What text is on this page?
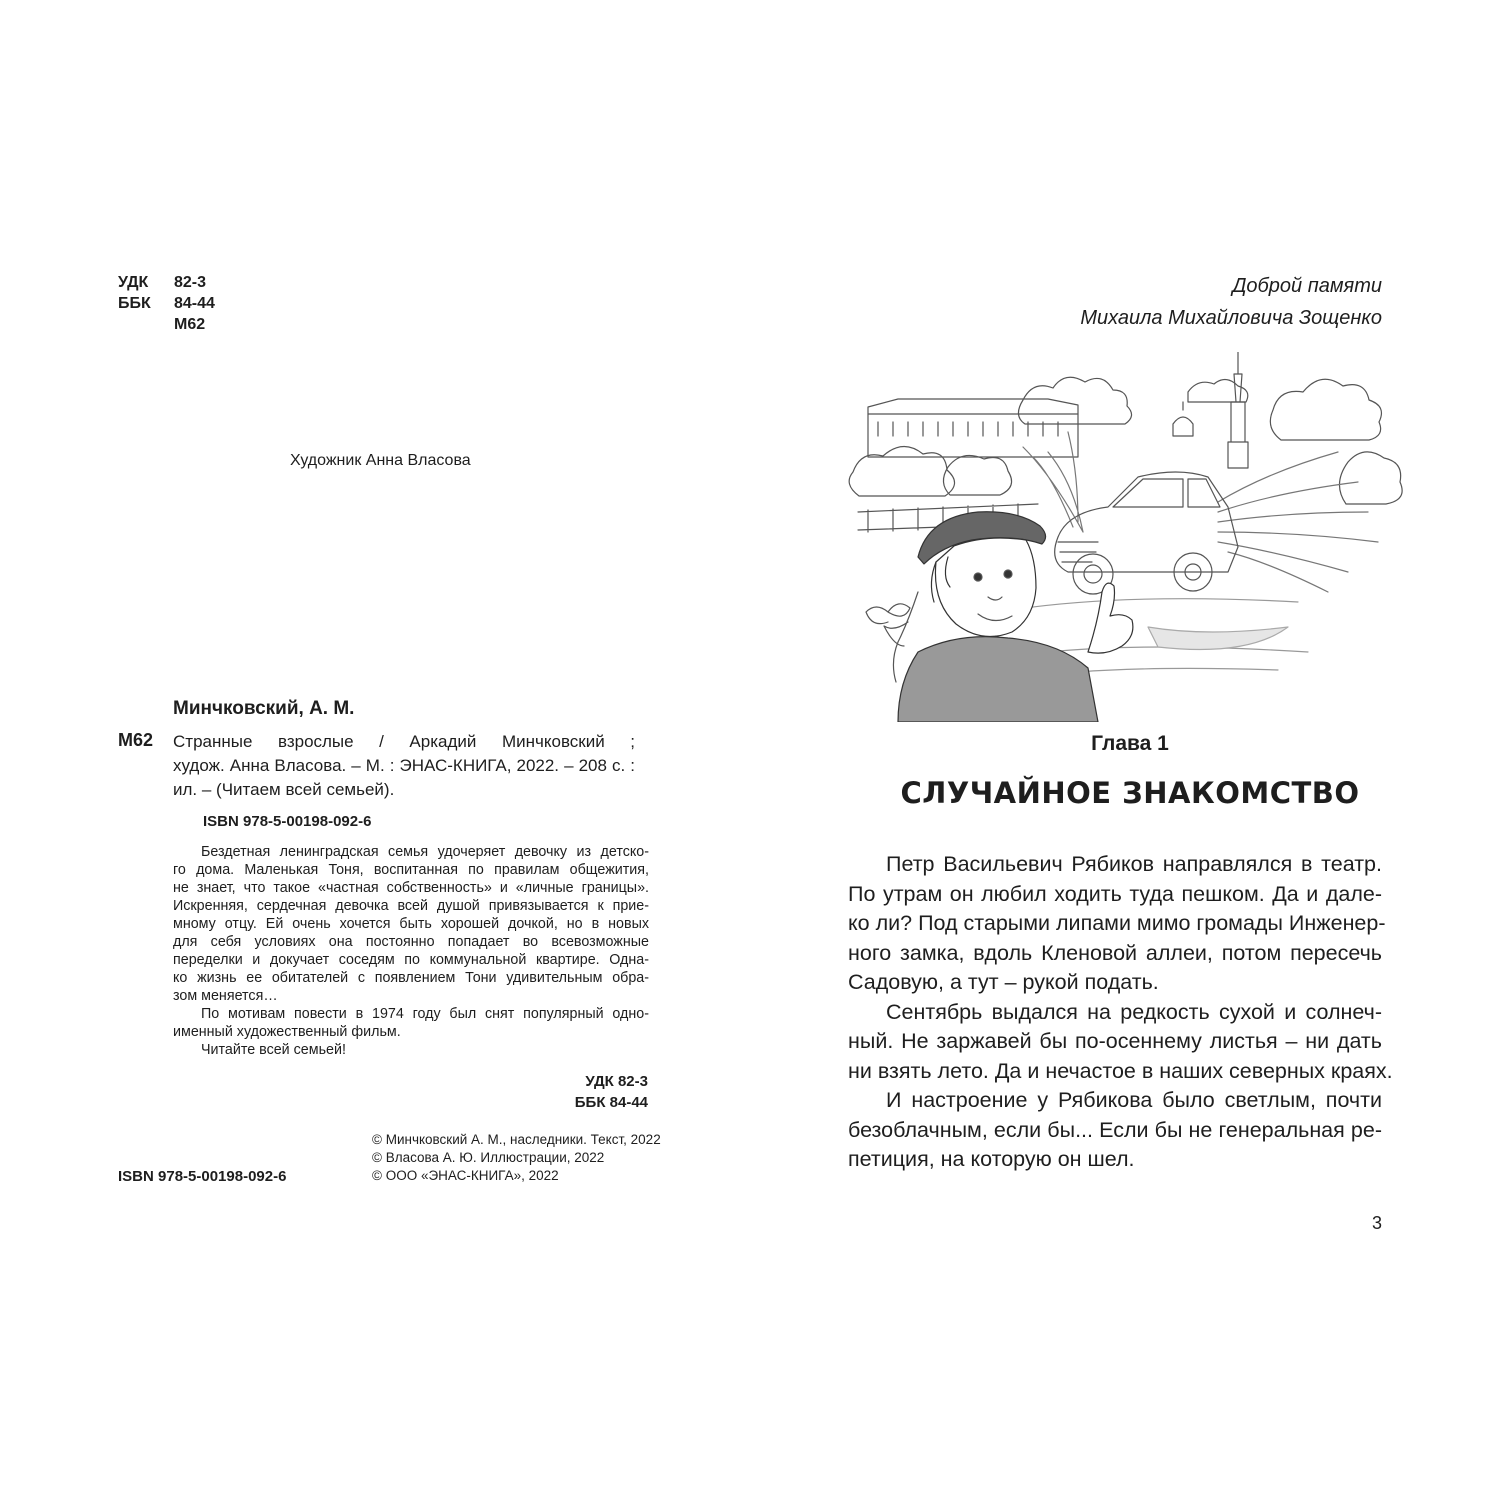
УДК	82-3
ББК	84-44
М62
Художник Анна Власова
Минчковский, А. М.
М62 Странные взрослые / Аркадий Минчковский ;
худож. Анна Власова. – М. : ЭНАС-КНИГА, 2022. – 208 с. :
ил. – (Читаем всей семьей).
ISBN 978-5-00198-092-6
Бездетная ленинградская семья удочеряет девочку из детско-
го дома. Маленькая Тоня, воспитанная по правилам общежития,
не знает, что такое «частная собственность» и «личные границы».
Искренняя, сердечная девочка всей душой привязывается к прие-
мному отцу. Ей очень хочется быть хорошей дочкой, но в новых
для себя условиях она постоянно попадает во всевозможные
переделки и докучает соседям по коммунальной квартире. Одна-
ко жизнь ее обитателей с появлением Тони удивительным обра-
зом меняется…
По мотивам повести в 1974 году был снят популярный одно-
именный художественный фильм.
Читайте всей семьей!
УДК 82-3
ББК 84-44
© Минчковский А. М., наследники. Текст, 2022
© Власова А. Ю. Иллюстрации, 2022
© ООО «ЭНАС-КНИГА», 2022
ISBN 978-5-00198-092-6
Доброй памяти
Михаила Михайловича Зощенко
Глава 1
СЛУЧАЙНОЕ ЗНАКОМСТВО

Петр Васильевич Рябиков направлялся в театр.
По утрам он любил ходить туда пешком. Да и дале-
ко ли? Под старыми липами мимо громады Инженер-
ного замка, вдоль Кленовой аллеи, потом пересечь
Садовую, а тут – рукой подать.

Сентябрь выдался на редкость сухой и солнеч-
ный. Не заржавей бы по-осеннему листья – ни дать
ни взять лето. Да и нечастое в наших северных краях.

И настроение у Рябикова было светлым, почти
безоблачным, если бы... Если бы не генеральная ре-
петиция, на которую он шел.

3
